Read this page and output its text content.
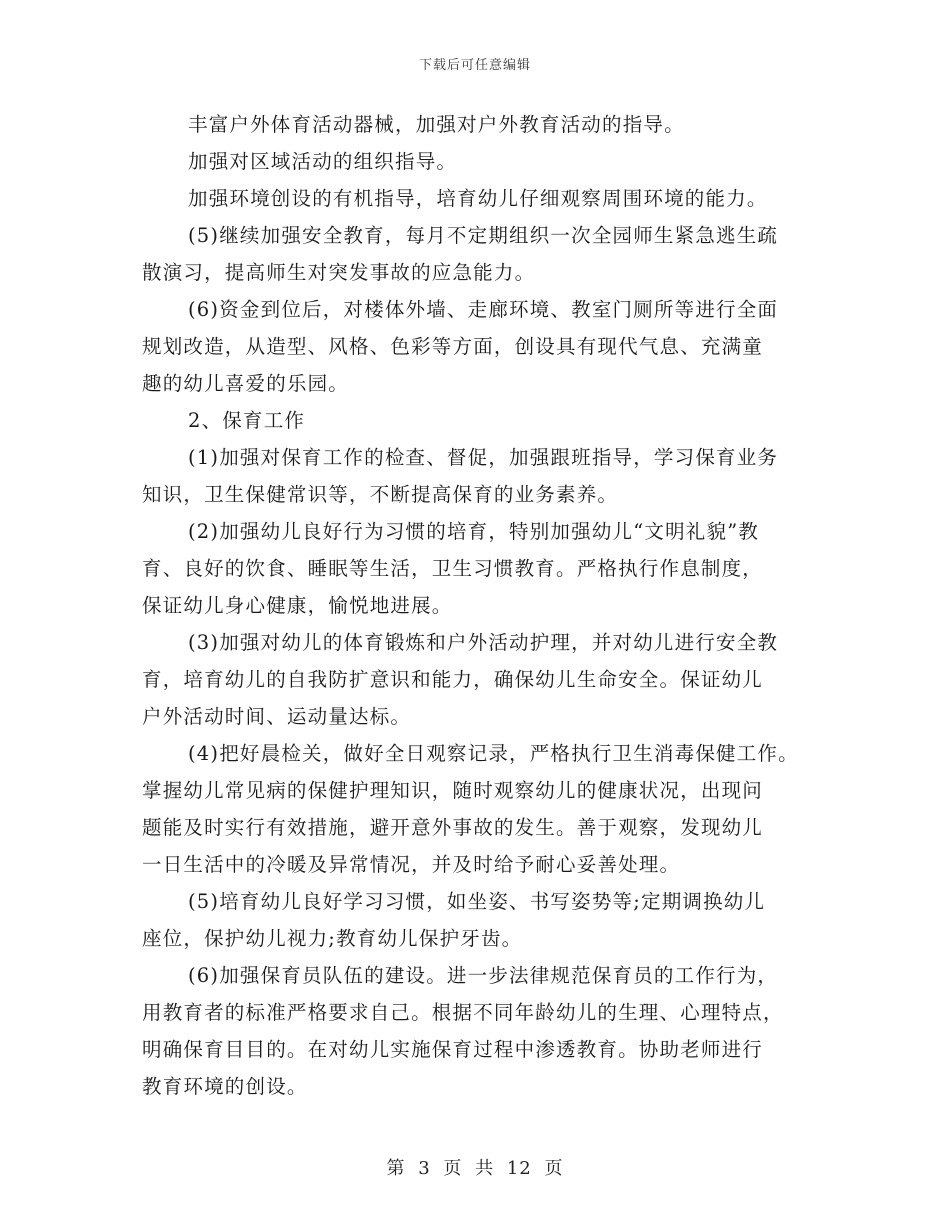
下载后可任意编辑
丰富户外体育活动器械，加强对户外教育活动的指导。
加强对区域活动的组织指导。
加强环境创设的有机指导，培育幼儿仔细观察周围环境的能力。
(5)继续加强安全教育，每月不定期组织一次全园师生紧急逃生疏
散演习，提高师生对突发事故的应急能力。
(6)资金到位后，对楼体外墙、走廊环境、教室门厕所等进行全面
规划改造，从造型、风格、色彩等方面，创设具有现代气息、充满童
趣的幼儿喜爱的乐园。
2、保育工作
(1)加强对保育工作的检查、督促，加强跟班指导，学习保育业务
知识，卫生保健常识等，不断提高保育的业务素养。
(2)加强幼儿良好行为习惯的培育，特别加强幼儿“文明礼貌”教
育、良好的饮食、睡眠等生活，卫生习惯教育。严格执行作息制度，
保证幼儿身心健康，愉悦地进展。
(3)加强对幼儿的体育锻炼和户外活动护理，并对幼儿进行安全教
育，培育幼儿的自我防扩意识和能力，确保幼儿生命安全。保证幼儿
户外活动时间、运动量达标。
(4)把好晨检关，做好全日观察记录，严格执行卫生消毒保健工作。
掌握幼儿常见病的保健护理知识，随时观察幼儿的健康状况，出现问
题能及时实行有效措施，避开意外事故的发生。善于观察，发现幼儿
一日生活中的冷暖及异常情况，并及时给予耐心妥善处理。
(5)培育幼儿良好学习习惯，如坐姿、书写姿势等;定期调换幼儿
座位，保护幼儿视力;教育幼儿保护牙齿。
(6)加强保育员队伍的建设。进一步法律规范保育员的工作行为，
用教育者的标准严格要求自己。根据不同年龄幼儿的生理、心理特点，
明确保育目目的。在对幼儿实施保育过程中渗透教育。协助老师进行
教育环境的创设。
第 3 页 共 12 页
